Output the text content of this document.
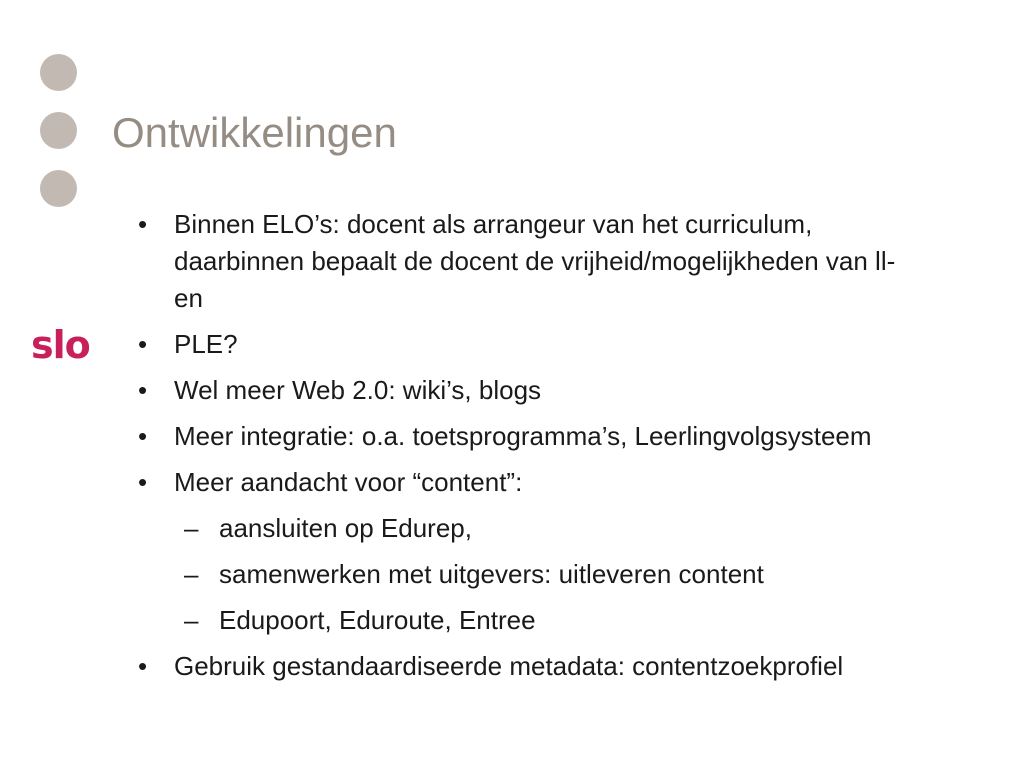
slo
Ontwikkelingen
• Binnen ELO’s: docent als arrangeur van het curriculum, daarbinnen bepaalt de docent de vrijheid/mogelijkheden van ll-en
• PLE?
• Wel meer Web 2.0: wiki’s, blogs
• Meer integratie: o.a. toetsprogramma’s, Leerlingvolgsysteem
• Meer aandacht voor “content”:
– aansluiten op Edurep,
– samenwerken met uitgevers: uitleveren content
– Edupoort, Eduroute, Entree
• Gebruik gestandaardiseerde metadata: contentzoekprofiel
